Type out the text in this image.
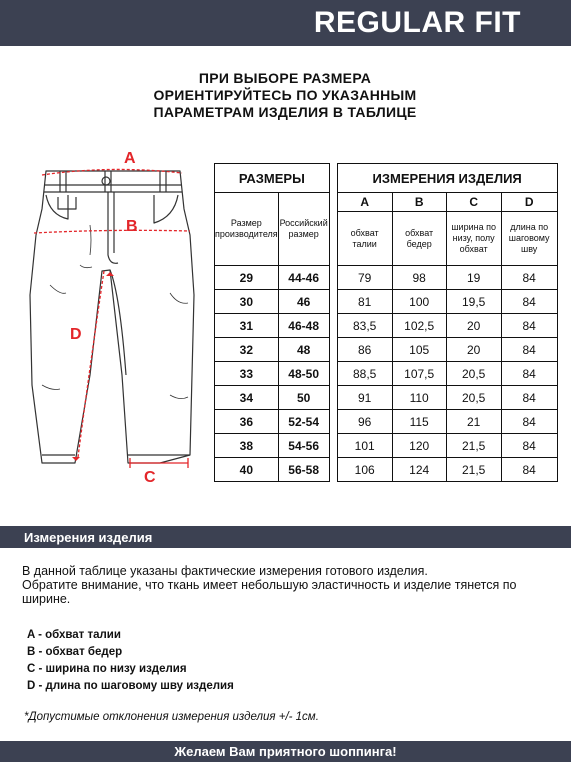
REGULAR FIT
ПРИ ВЫБОРЕ РАЗМЕРА
ОРИЕНТИРУЙТЕСЬ ПО УКАЗАННЫМ
ПАРАМЕТРАМ ИЗДЕЛИЯ В ТАБЛИЦЕ
A
B
C
D
РАЗМЕРЫ			ИЗМЕРЕНИЯ ИЗДЕЛИЯ			
Размер производителя	Российский размер		A	B	C	D
			обхват талии	обхват бедер	ширина по низу, полу обхват	длина по шаговому шву
29	44-46		79	98	19	84
30	46		81	100	19,5	84
31	46-48		83,5	102,5	20	84
32	48		86	105	20	84
33	48-50		88,5	107,5	20,5	84
34	50		91	110	20,5	84
36	52-54		96	115	21	84
38	54-56		101	120	21,5	84
40	56-58		106	124	21,5	84
Измерения изделия

В данной таблице указаны фактические измерения готового изделия.

Обратите внимание, что ткань имеет небольшую эластичность и изделие тянется по ширине.

A - обхват талии
B - обхват бедер
C - ширина по низу изделия
D - длина по шаговому шву изделия
*Допустимые отклонения измерения изделия +/- 1см.
Желаем Вам приятного шоппинга!
